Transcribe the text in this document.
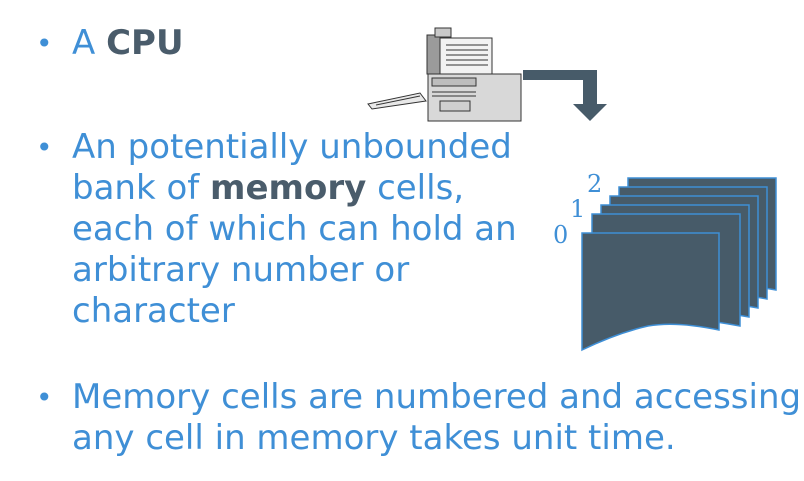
• A CPU

• An potentially unbounded
bank of memory cells,
each of which can hold an
arbitrary number or
character

• Memory cells are numbered and accessing
any cell in memory takes unit time.

0
1
2
